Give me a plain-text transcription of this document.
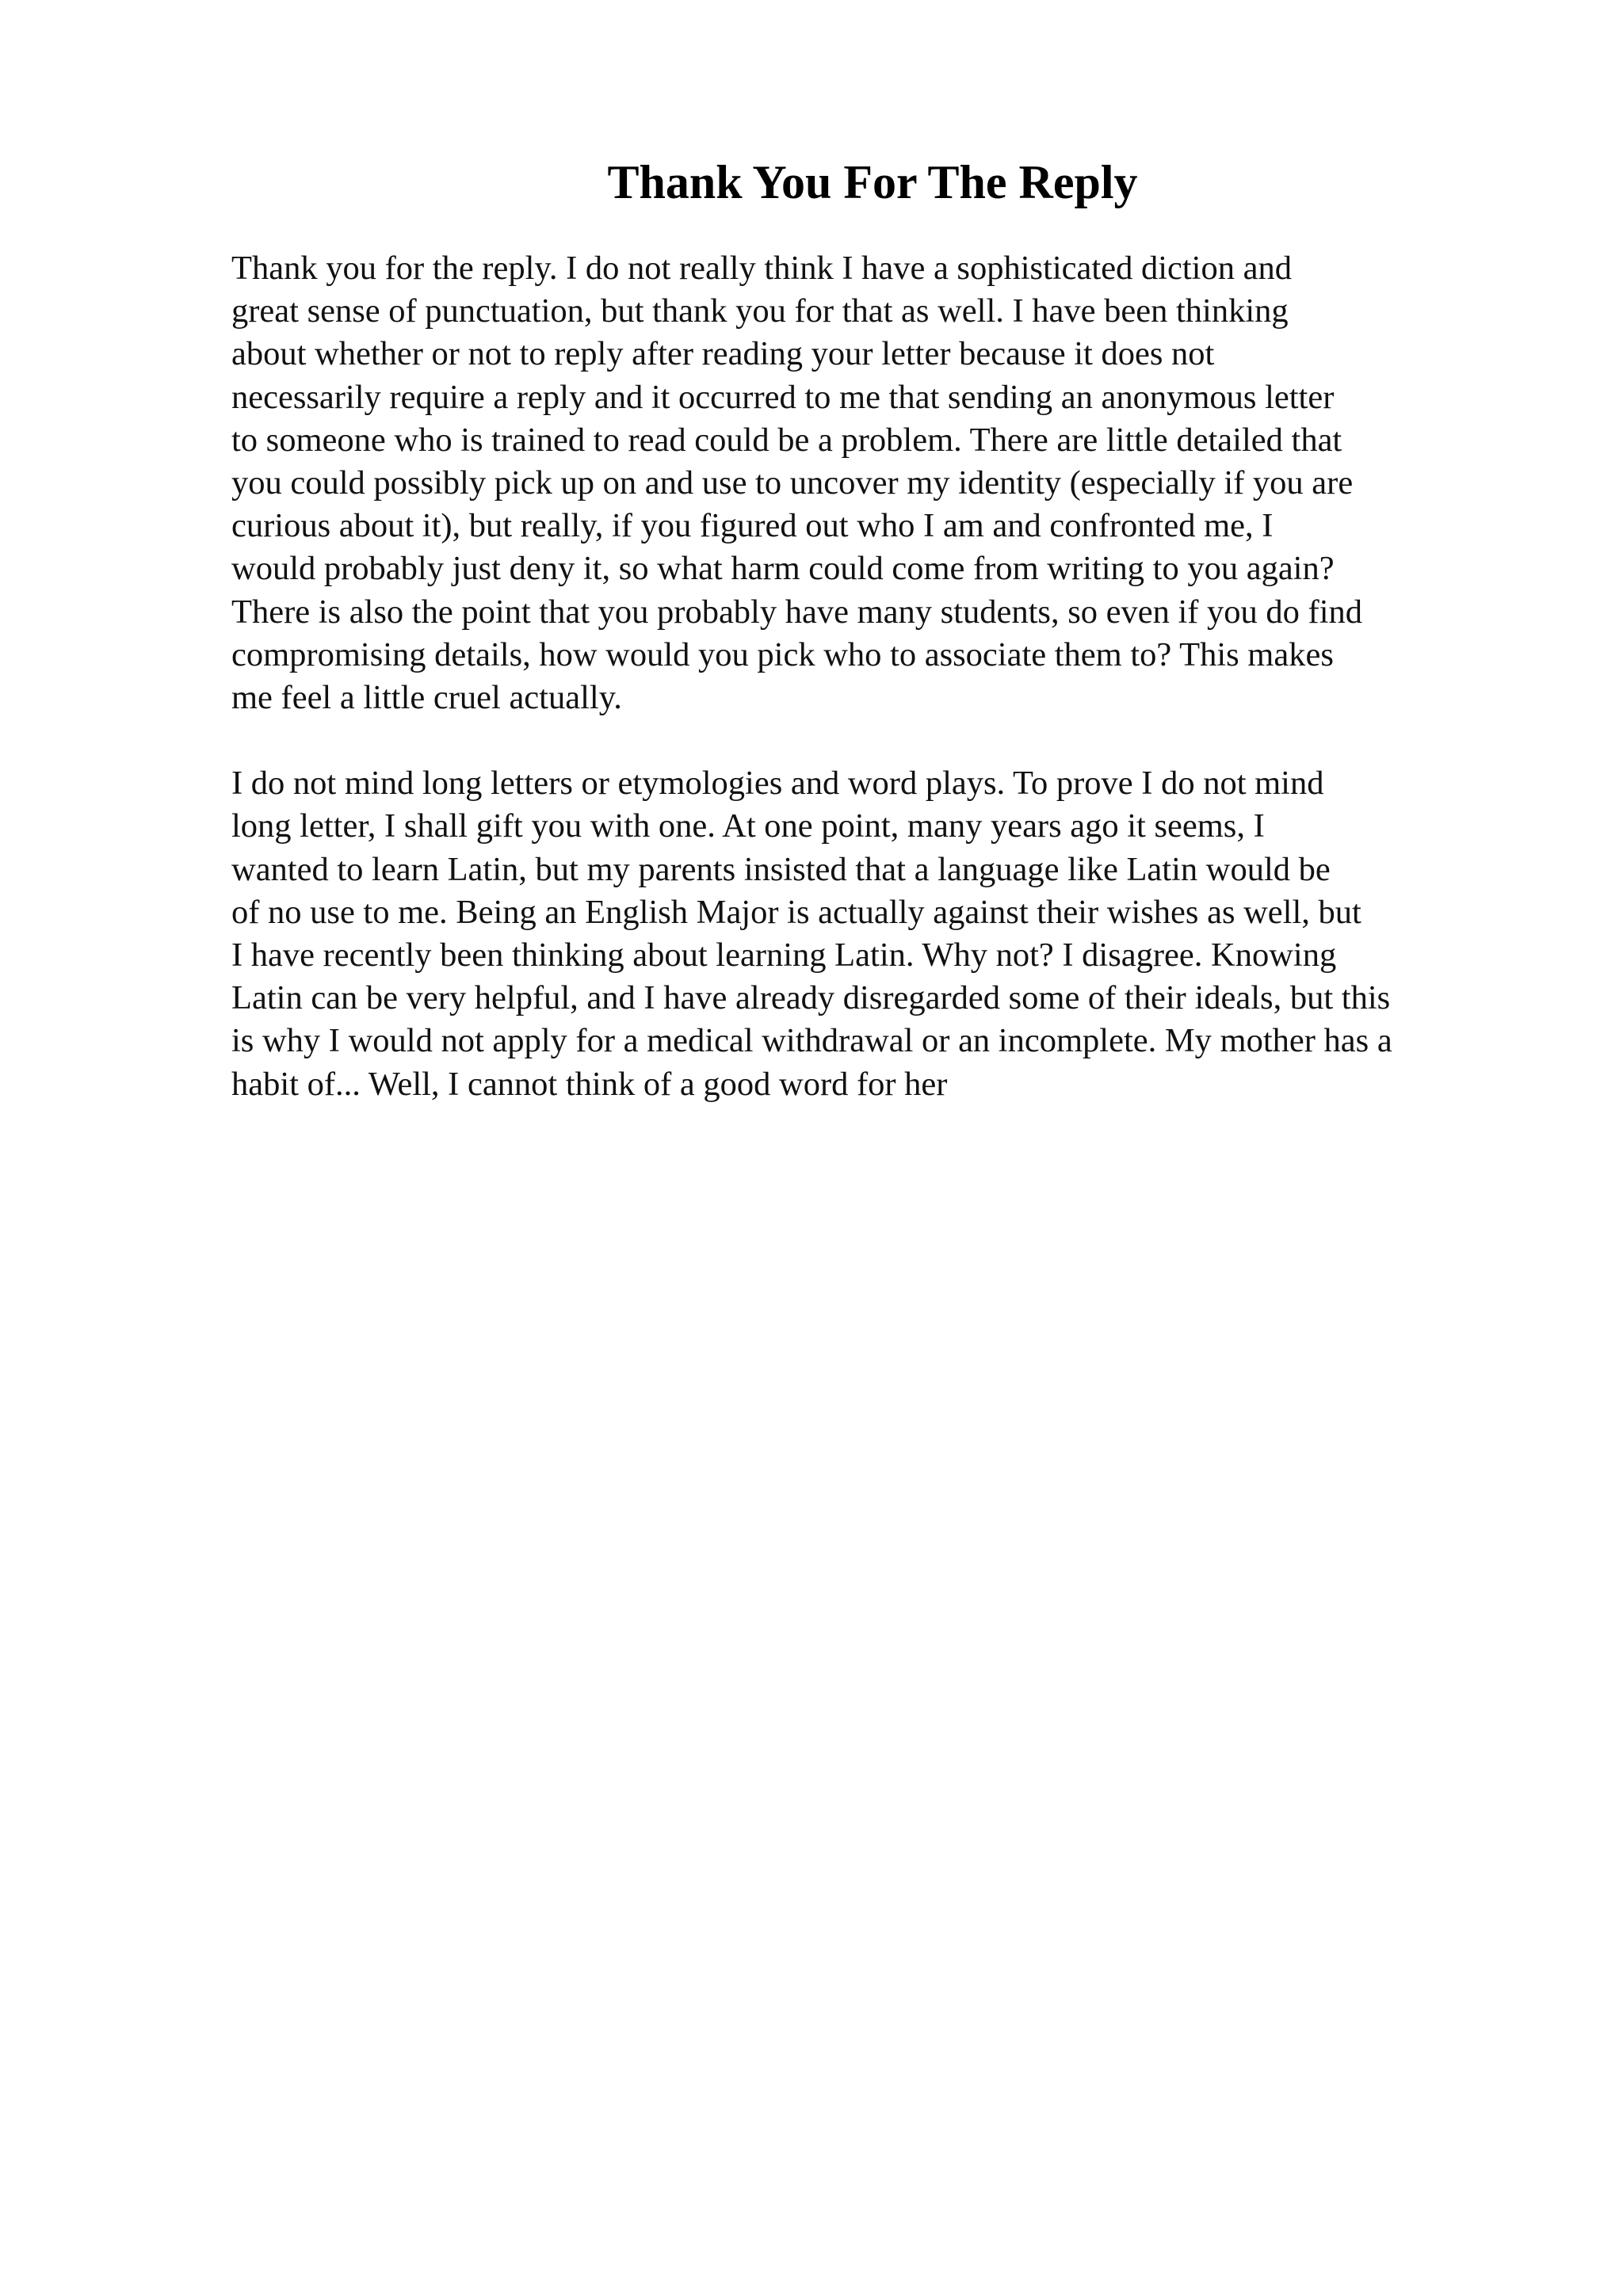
Thank You For The Reply

Thank you for the reply. I do not really think I have a sophisticated diction and
great sense of punctuation, but thank you for that as well. I have been thinking
about whether or not to reply after reading your letter because it does not
necessarily require a reply and it occurred to me that sending an anonymous letter
to someone who is trained to read could be a problem. There are little detailed that
you could possibly pick up on and use to uncover my identity (especially if you are
curious about it), but really, if you figured out who I am and confronted me, I
would probably just deny it, so what harm could come from writing to you again?
There is also the point that you probably have many students, so even if you do find
compromising details, how would you pick who to associate them to? This makes
me feel a little cruel actually.

I do not mind long letters or etymologies and word plays. To prove I do not mind
long letter, I shall gift you with one. At one point, many years ago it seems, I
wanted to learn Latin, but my parents insisted that a language like Latin would be
of no use to me. Being an English Major is actually against their wishes as well, but
I have recently been thinking about learning Latin. Why not? I disagree. Knowing
Latin can be very helpful, and I have already disregarded some of their ideals, but this
is why I would not apply for a medical withdrawal or an incomplete. My mother has a
habit of... Well, I cannot think of a good word for her
